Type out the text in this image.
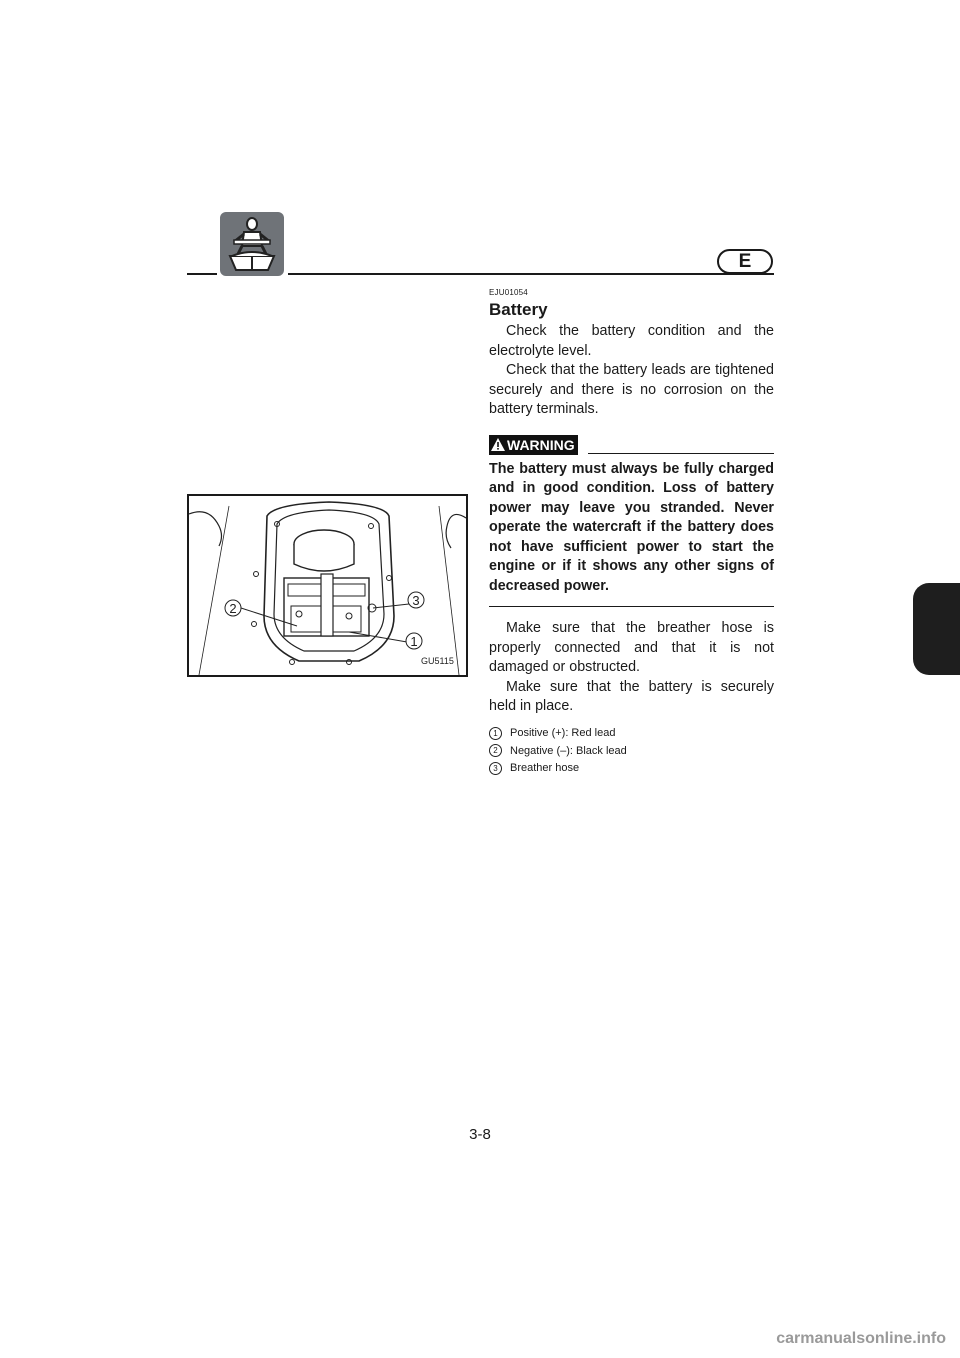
E
2
3
1
GU5115

EJU01054

Battery

Check the battery condition and the electrolyte level.

Check that the battery leads are tightened securely and there is no corrosion on the battery terminals.

WARNING

The battery must always be fully charged and in good condition. Loss of battery power may leave you stranded. Never operate the watercraft if the battery does not have sufficient power to start the engine or if it shows any other signs of decreased power.

Make sure that the breather hose is properly connected and that it is not damaged or obstructed.

Make sure that the battery is securely held in place.

1	Positive (+): Red lead
2	Negative (–): Black lead
3	Breather hose
3-8
carmanualsonline.info
